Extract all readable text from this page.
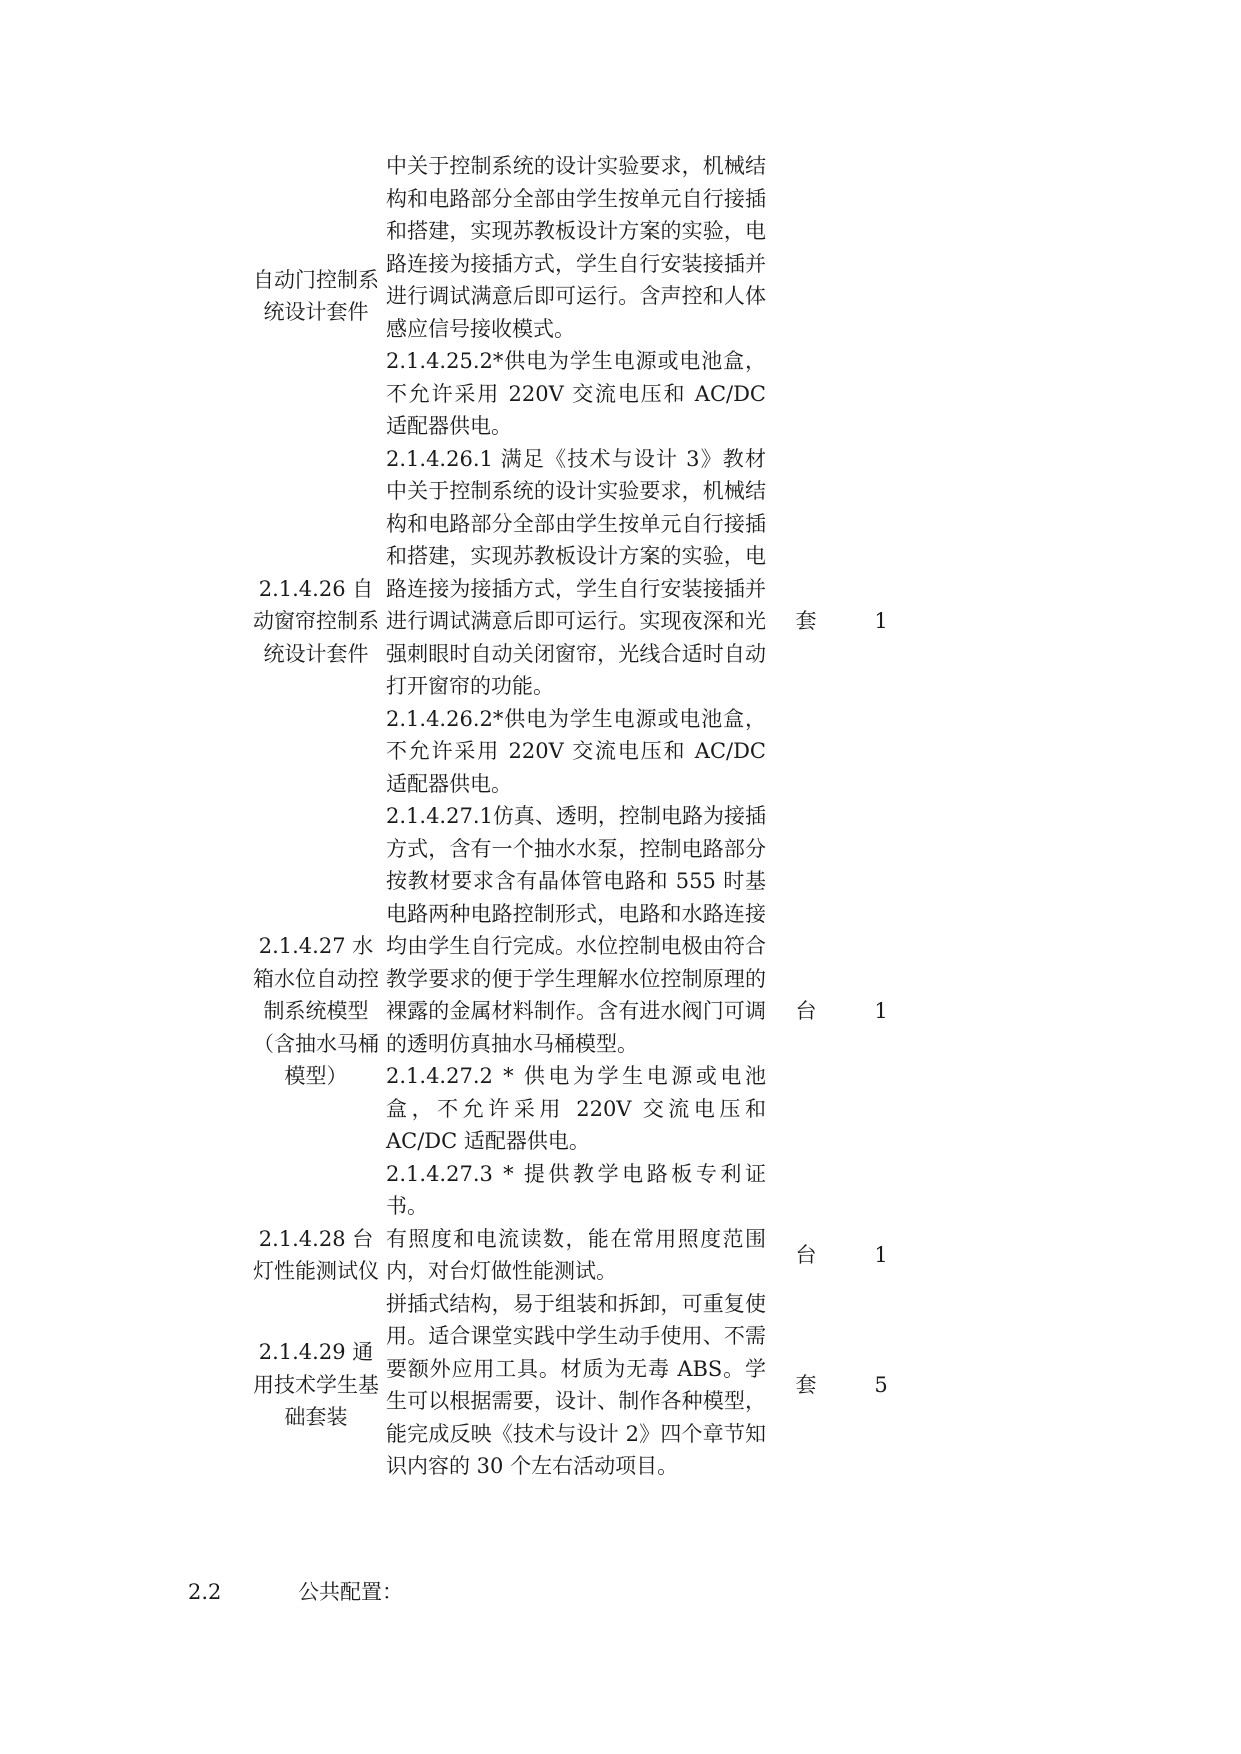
自动门控制系统设计套件	中关于控制系统的设计实验要求，机械结构和电路部分全部由学生按单元自行接插和搭建，实现苏教板设计方案的实验，电路连接为接插方式，学生自行安装接插并进行调试满意后即可运行。含声控和人体感应信号接收模式。
2.1.4.25.2*供电为学生电源或电池盒，不允许采用 220V 交流电压和 AC/DC 适配器供电。		

2.1.4.26 自动窗帘控制系统设计套件	2.1.4.26.1 满足《技术与设计 3》教材中关于控制系统的设计实验要求，机械结构和电路部分全部由学生按单元自行接插和搭建，实现苏教板设计方案的实验，电路连接为接插方式，学生自行安装接插并进行调试满意后即可运行。实现夜深和光强刺眼时自动关闭窗帘，光线合适时自动打开窗帘的功能。
2.1.4.26.2*供电为学生电源或电池盒，不允许采用 220V 交流电压和 AC/DC 适配器供电。	套	1
2.1.4.27 水箱水位自动控制系统模型（含抽水马桶模型）	2.1.4.27.1仿真、透明，控制电路为接插方式，含有一个抽水水泵，控制电路部分按教材要求含有晶体管电路和 555 时基电路两种电路控制形式，电路和水路连接均由学生自行完成。水位控制电极由符合教学要求的便于学生理解水位控制原理的裸露的金属材料制作。含有进水阀门可调的透明仿真抽水马桶模型。
2.1.4.27.2 * 供电为学生电源或电池盒，不允许采用 220V 交流电压和 AC/DC 适配器供电。
2.1.4.27.3 * 提供教学电路板专利证书。	台	1
2.1.4.28 台灯性能测试仪	有照度和电流读数，能在常用照度范围内，对台灯做性能测试。	台	1
2.1.4.29 通用技术学生基础套装	拼插式结构，易于组装和拆卸，可重复使用。适合课堂实践中学生动手使用、不需要额外应用工具。材质为无毒 ABS。学生可以根据需要，设计、制作各种模型，能完成反映《技术与设计 2》四个章节知识内容的 30 个左右活动项目。	套	5
2.2	公共配置：
